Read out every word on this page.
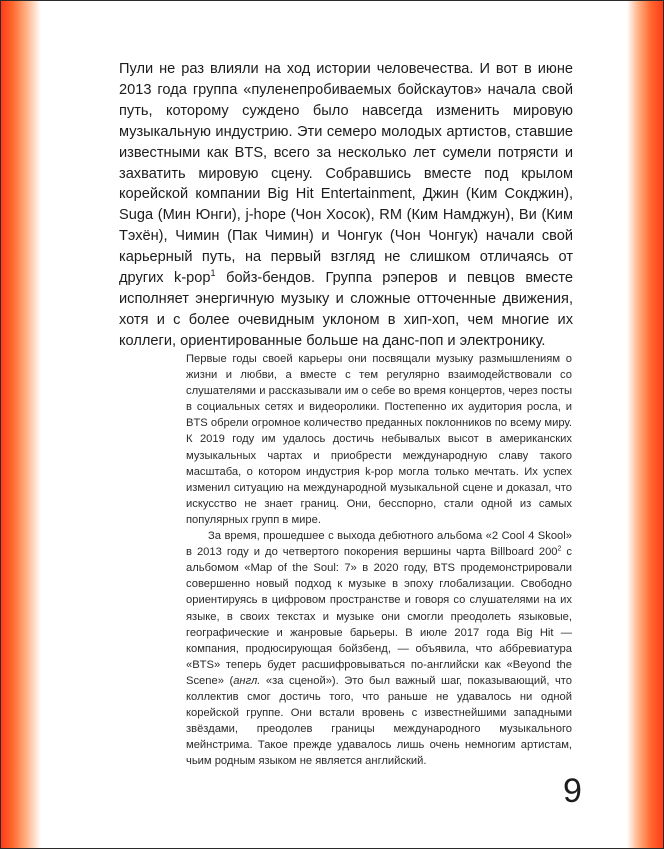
Пули не раз влияли на ход истории человечества. И вот в июне 2013 года группа «пуленепробиваемых бойскаутов» начала свой путь, которому суждено было навсегда изменить мировую музыкальную индустрию. Эти семеро молодых артистов, ставшие известными как BTS, всего за несколько лет сумели потрясти и захватить мировую сцену. Собравшись вместе под крылом корейской компании Big Hit Entertainment, Джин (Ким Сокджин), Suga (Мин Юнги), j-hope (Чон Хосок), RM (Ким Намджун), Ви (Ким Тэхён), Чимин (Пак Чимин) и Чонгук (Чон Чонгук) начали свой карьерный путь, на первый взгляд не слишком отличаясь от других k-pop$^1$ бойз-бендов. Группа рэперов и певцов вместе исполняет энергичную музыку и сложные отточенные движения, хотя и с более очевидным уклоном в хип-хоп, чем многие их коллеги, ориентированные больше на данс-поп и электронику.

Первые годы своей карьеры они посвящали музыку размышлениям о жизни и любви, а вместе с тем регулярно взаимодействовали со слушателями и рассказывали им о себе во время концертов, через посты в социальных сетях и видеоролики. Постепенно их аудитория росла, и BTS обрели огромное количество преданных поклонников по всему миру. К 2019 году им удалось достичь небывалых высот в американских музыкальных чартах и приобрести международную славу такого масштаба, о котором индустрия k-pop могла только мечтать. Их успех изменил ситуацию на международной музыкальной сцене и доказал, что искусство не знает границ. Они, бесспорно, стали одной из самых популярных групп в мире.

За время, прошедшее с выхода дебютного альбома «2 Cool 4 Skool» в 2013 году и до четвертого покорения вершины чарта Billboard $200^2$ с альбомом «Map of the Soul: 7» в 2020 году, BTS продемонстрировали совершенно новый подход к музыке в эпоху глобализации. Свободно ориентируясь в цифровом пространстве и говоря со слушателями на их языке, в своих текстах и музыке они смогли преодолеть языковые, географические и жанровые барьеры. В июле 2017 года Big Hit — компания, продюсирующая бойзбенд, — объявила, что аббревиатура «BTS» теперь будет расшифровываться по-английски как «Beyond the Scene» (англ. «за сценой»). Это был важный шаг, показывающий, что коллектив смог достичь того, что раньше не удавалось ни одной корейской группе. Они встали вровень с известнейшими западными звёздами, преодолев границы международного музыкального мейнстрима. Такое прежде удавалось лишь очень немногим артистам, чьим родным языком не является английский.

9
